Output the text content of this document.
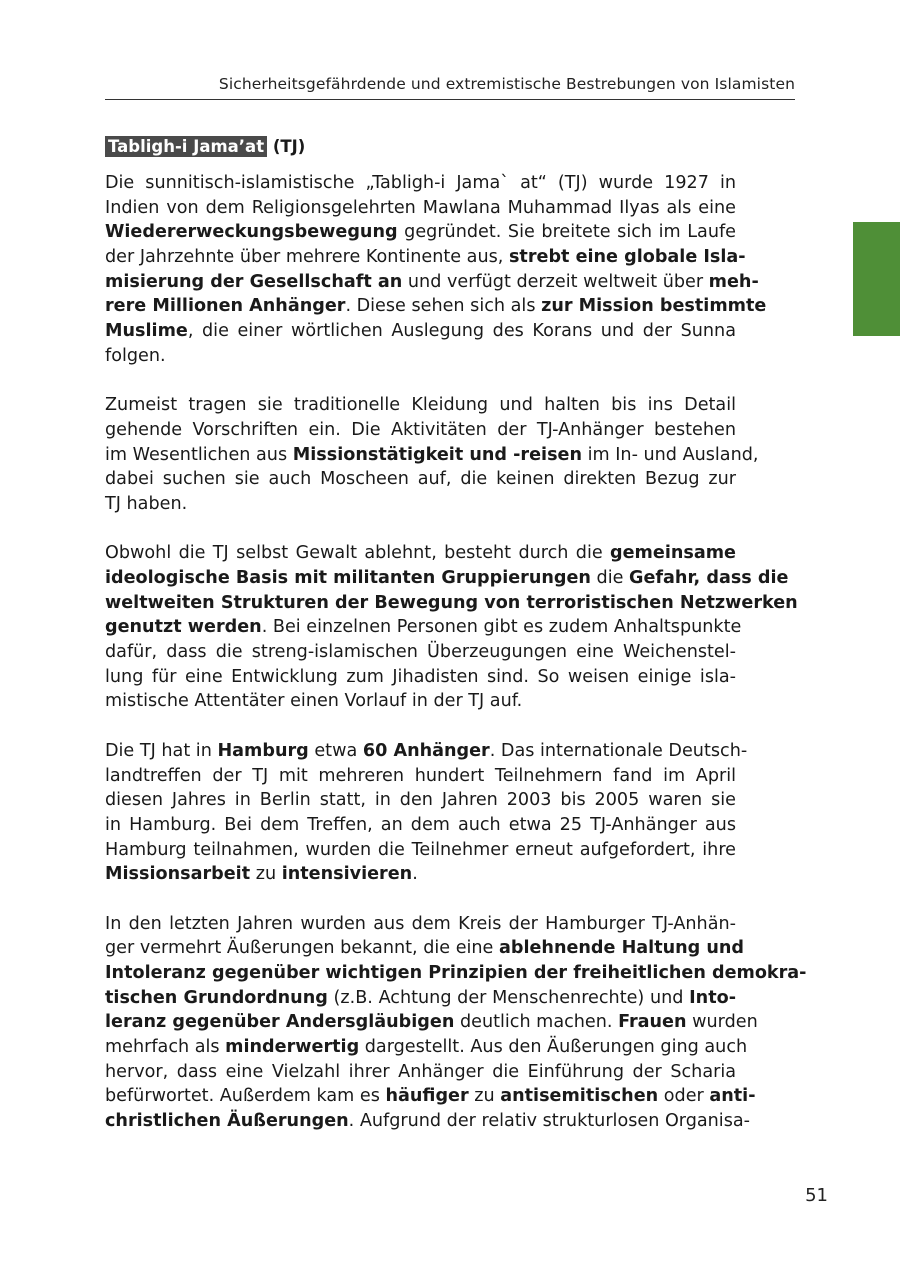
Sicherheitsgefährdende und extremistische Bestrebungen von Islamisten

Tabligh-i Jama’at (TJ)

Die sunnitisch-islamistische „Tabligh-i Jama` at“ (TJ) wurde 1927 in
Indien von dem Religionsgelehrten Mawlana Muhammad Ilyas als eine
Wiedererweckungsbewegung gegründet. Sie breitete sich im Laufe
der Jahrzehnte über mehrere Kontinente aus, strebt eine globale Isla-
misierung der Gesellschaft an und verfügt derzeit weltweit über meh-
rere Millionen Anhänger. Diese sehen sich als zur Mission bestimmte
Muslime, die einer wörtlichen Auslegung des Korans und der Sunna
folgen.
Zumeist tragen sie traditionelle Kleidung und halten bis ins Detail
gehende Vorschriften ein. Die Aktivitäten der TJ-Anhänger bestehen
im Wesentlichen aus Missionstätigkeit und -reisen im In- und Ausland,
dabei suchen sie auch Moscheen auf, die keinen direkten Bezug zur
TJ haben.
Obwohl die TJ selbst Gewalt ablehnt, besteht durch die gemeinsame
ideologische Basis mit militanten Gruppierungen die Gefahr, dass die
weltweiten Strukturen der Bewegung von terroristischen Netzwerken
genutzt werden. Bei einzelnen Personen gibt es zudem Anhaltspunkte
dafür, dass die streng-islamischen Überzeugungen eine Weichenstel-
lung für eine Entwicklung zum Jihadisten sind. So weisen einige isla-
mistische Attentäter einen Vorlauf in der TJ auf.
Die TJ hat in Hamburg etwa 60 Anhänger. Das internationale Deutsch-
landtreffen der TJ mit mehreren hundert Teilnehmern fand im April
diesen Jahres in Berlin statt, in den Jahren 2003 bis 2005 waren sie
in Hamburg. Bei dem Treffen, an dem auch etwa 25 TJ-Anhänger aus
Hamburg teilnahmen, wurden die Teilnehmer erneut aufgefordert, ihre
Missionsarbeit zu intensivieren.
In den letzten Jahren wurden aus dem Kreis der Hamburger TJ-Anhän-
ger vermehrt Äußerungen bekannt, die eine ablehnende Haltung und
Intoleranz gegenüber wichtigen Prinzipien der freiheitlichen demokra-
tischen Grundordnung (z.B. Achtung der Menschenrechte) und Into-
leranz gegenüber Andersgläubigen deutlich machen. Frauen wurden
mehrfach als minderwertig dargestellt. Aus den Äußerungen ging auch
hervor, dass eine Vielzahl ihrer Anhänger die Einführung der Scharia
befürwortet. Außerdem kam es häufiger zu antisemitischen oder anti-
christlichen Äußerungen. Aufgrund der relativ strukturlosen Organisa-
51
